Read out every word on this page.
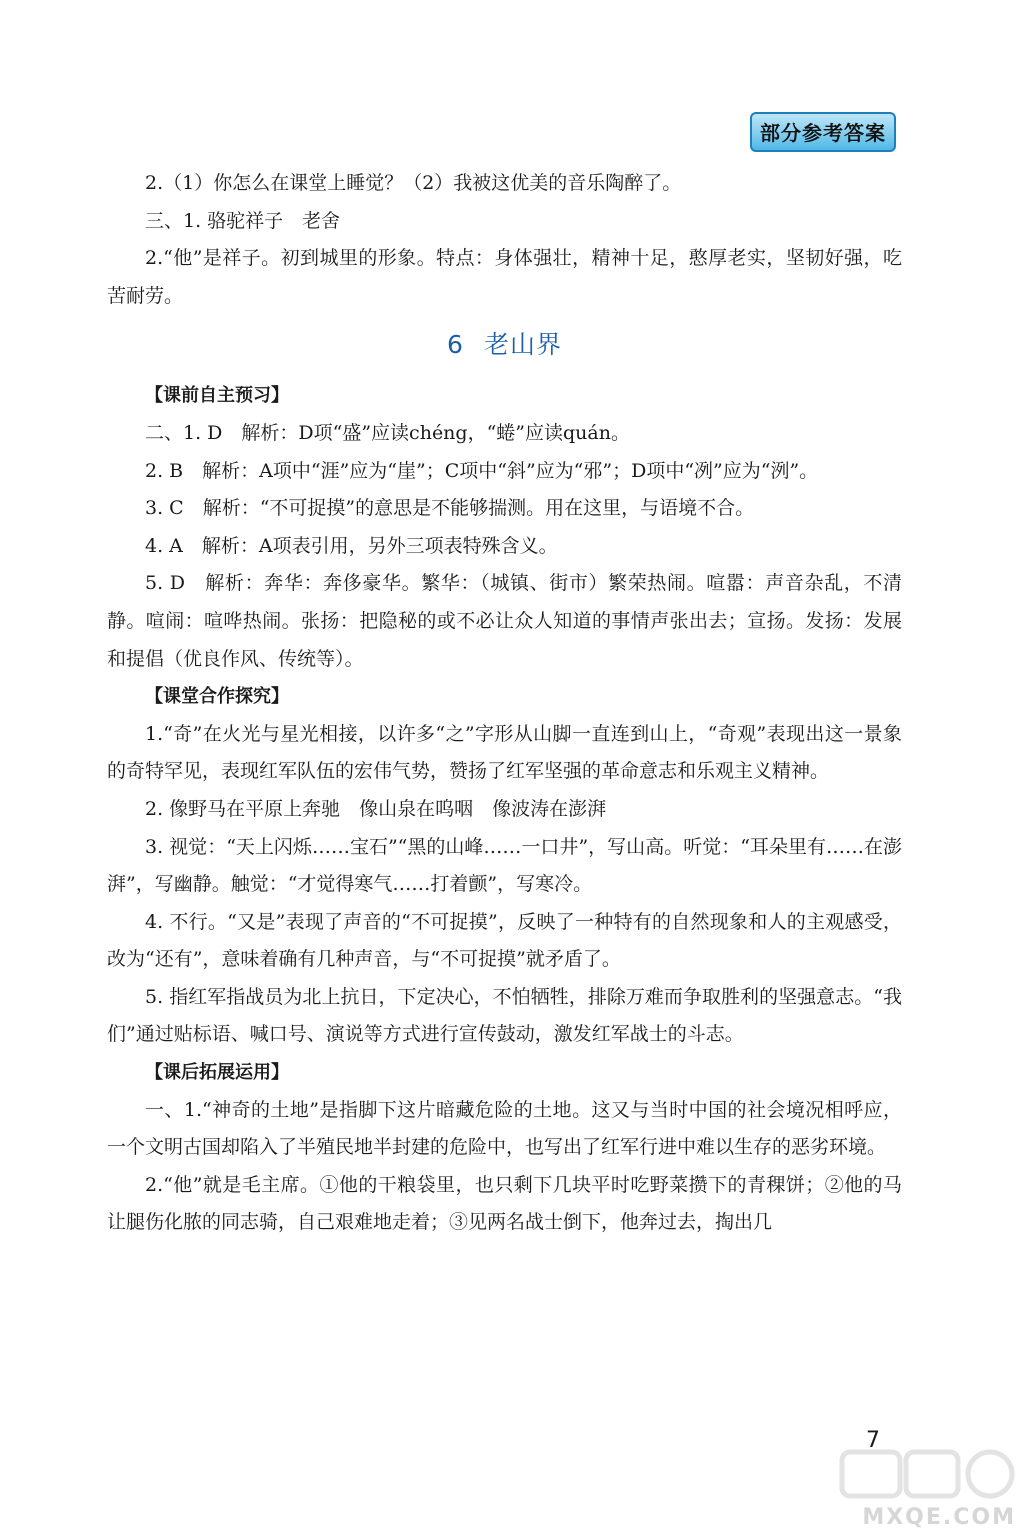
部分参考答案

2.（1）你怎么在课堂上睡觉？（2）我被这优美的音乐陶醉了。

三、1. 骆驼祥子　老舍

2.“他”是祥子。初到城里的形象。特点：身体强壮，精神十足，憨厚老实，坚韧好强，吃苦耐劳。

6 老山界

【课前自主预习】

二、1. D　解析：D项“盛”应读chéng，“蜷”应读quán。

2. B　解析：A项中“涯”应为“崖”；C项中“斜”应为“邪”；D项中“冽”应为“洌”。

3. C　解析：“不可捉摸”的意思是不能够揣测。用在这里，与语境不合。

4. A　解析：A项表引用，另外三项表特殊含义。

5. D　解析：奔华：奔侈豪华。繁华：（城镇、街市）繁荣热闹。喧嚣：声音杂乱，不清静。喧闹：喧哗热闹。张扬：把隐秘的或不必让众人知道的事情声张出去；宣扬。发扬：发展和提倡（优良作风、传统等）。

【课堂合作探究】

1.“奇”在火光与星光相接，以许多“之”字形从山脚一直连到山上，“奇观”表现出这一景象的奇特罕见，表现红军队伍的宏伟气势，赞扬了红军坚强的革命意志和乐观主义精神。

2. 像野马在平原上奔驰　像山泉在呜咽　像波涛在澎湃

3. 视觉：“天上闪烁……宝石”“黑的山峰……一口井”，写山高。听觉：“耳朵里有……在澎湃”，写幽静。触觉：“才觉得寒气……打着颤”，写寒冷。

4. 不行。“又是”表现了声音的“不可捉摸”，反映了一种特有的自然现象和人的主观感受，改为“还有”，意味着确有几种声音，与“不可捉摸”就矛盾了。

5. 指红军指战员为北上抗日，下定决心，不怕牺牲，排除万难而争取胜利的坚强意志。“我们”通过贴标语、喊口号、演说等方式进行宣传鼓动，激发红军战士的斗志。

【课后拓展运用】

一、1.“神奇的土地”是指脚下这片暗藏危险的土地。这又与当时中国的社会境况相呼应，一个文明古国却陷入了半殖民地半封建的危险中，也写出了红军行进中难以生存的恶劣环境。

2.“他”就是毛主席。①他的干粮袋里，也只剩下几块平时吃野菜攒下的青稞饼；②他的马让腿伤化脓的同志骑，自己艰难地走着；③见两名战士倒下，他奔过去，掏出几

7
MXQE.COM
